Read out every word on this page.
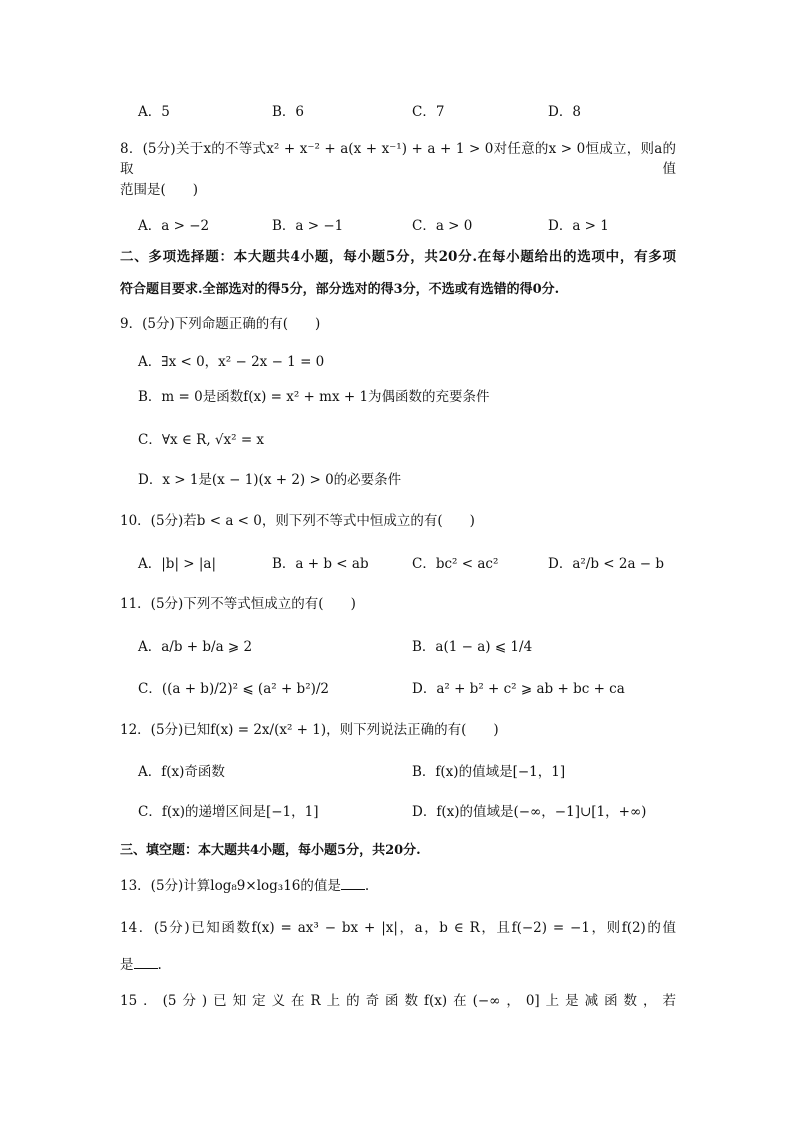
A．5	B．6	C．7	D．8
8．(5分)关于x的不等式x² + x⁻² + a(x + x⁻¹) + a + 1 > 0对任意的x > 0恒成立，则a的取值
范围是(　　)
A．a > −2	B．a > −1	C．a > 0	D．a > 1
二、多项选择题：本大题共4小题，每小题5分，共20分.在每小题给出的选项中，有多项
符合题目要求.全部选对的得5分，部分选对的得3分，不选或有选错的得0分.
9．(5分)下列命题正确的有(　　)
A．∃x < 0，x² − 2x − 1 = 0
B．m = 0是函数f(x) = x² + mx + 1为偶函数的充要条件
C．∀x ∈ R, √x² = x
D．x > 1是(x − 1)(x + 2) > 0的必要条件
10．(5分)若b < a < 0，则下列不等式中恒成立的有(　　)
A．|b| > |a|	B．a + b < ab	C．bc² < ac²	D．a²/b < 2a − b
11．(5分)下列不等式恒成立的有(　　)
A．a/b + b/a ⩾ 2	B．a(1 − a) ⩽ 1/4
C．((a + b)/2)² ⩽ (a² + b²)/2	D．a² + b² + c² ⩾ ab + bc + ca
12．(5分)已知f(x) = 2x/(x² + 1)，则下列说法正确的有(　　)
A．f(x)奇函数	B．f(x)的值域是[−1，1]
C．f(x)的递增区间是[−1，1]	D．f(x)的值域是(−∞，−1]∪[1，+∞)
三、填空题：本大题共4小题，每小题5分，共20分.
13．(5分)计算log₈9×log₃16的值是 .
14．(5分)已知函数f(x) = ax³ − bx + |x|，a，b ∈ R，且f(−2) = −1，则f(2)的值
是 .
15．(5分)已知定义在R上的奇函数f(x)在(−∞，0]上是减函数，若
